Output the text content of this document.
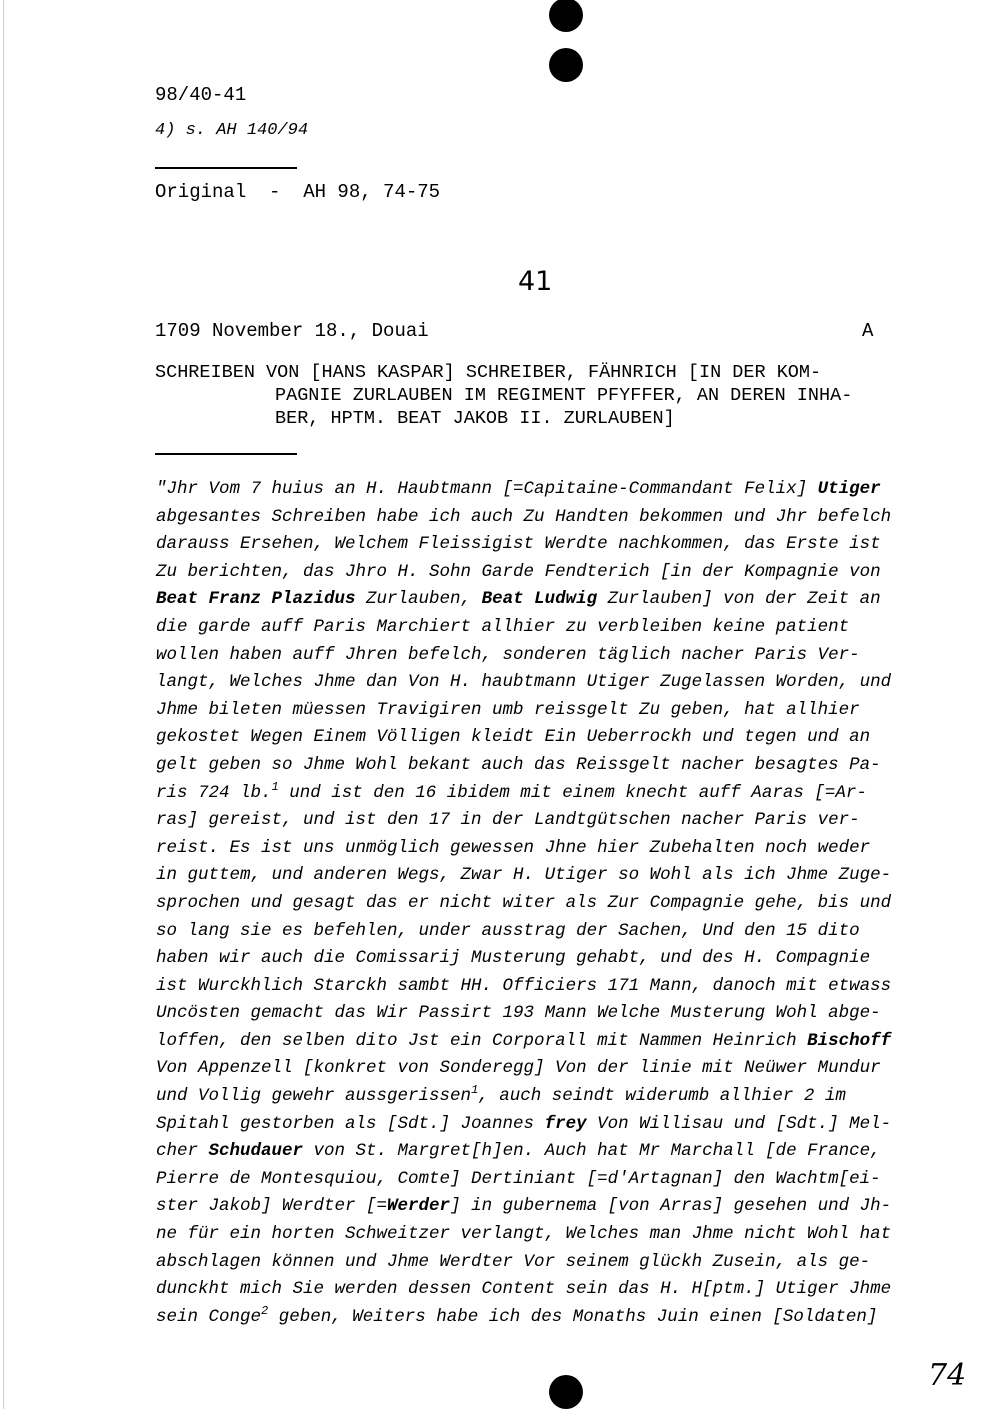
98/40-41
4) s. AH 140/94
Original  -  AH 98, 74-75
41
1709 November 18., Douai	A
SCHREIBEN VON [HANS KASPAR] SCHREIBER, FÄHNRICH [IN DER KOM-
PAGNIE ZURLAUBEN IM REGIMENT PFYFFER, AN DEREN INHA-
BER, HPTM. BEAT JAKOB II. ZURLAUBEN]
"Jhr Vom 7 huius an H. Haubtmann [=Capitaine-Commandant Felix] Utiger
abgesantes Schreiben habe ich auch Zu Handten bekommen und Jhr befelch
darauss Ersehen, Welchem Fleissigist Werdte nachkommen, das Erste ist
Zu berichten, das Jhro H. Sohn Garde Fendterich [in der Kompagnie von
Beat Franz Plazidus Zurlauben, Beat Ludwig Zurlauben] von der Zeit an
die garde auff Paris Marchiert allhier zu verbleiben keine patient
wollen haben auff Jhren befelch, sonderen täglich nacher Paris Ver-
langt, Welches Jhme dan Von H. haubtmann Utiger Zugelassen Worden, und
Jhme bileten müessen Travigiren umb reissgelt Zu geben, hat allhier
gekostet Wegen Einem Völligen kleidt Ein Ueberrockh und tegen und an
gelt geben so Jhme Wohl bekant auch das Reissgelt nacher besagtes Pa-
ris 724 lb.$^1$ und ist den 16 ibidem mit einem knecht auff Aaras [=Ar-
ras] gereist, und ist den 17 in der Landtgütschen nacher Paris ver-
reist. Es ist uns unmöglich gewessen Jhne hier Zubehalten noch weder
in guttem, und anderen Wegs, Zwar H. Utiger so Wohl als ich Jhme Zuge-
sprochen und gesagt das er nicht witer als Zur Compagnie gehe, bis und
so lang sie es befehlen, under ausstrag der Sachen, Und den 15 dito
haben wir auch die Comissarij Musterung gehabt, und des H. Compagnie
ist Wurckhlich Starckh sambt HH. Officiers 171 Mann, danoch mit etwass
Uncösten gemacht das Wir Passirt 193 Mann Welche Musterung Wohl abge-
loffen, den selben dito Jst ein Corporall mit Nammen Heinrich Bischoff
Von Appenzell [konkret von Sonderegg] Von der linie mit Neüwer Mundur
und Vollig gewehr aussgerissen$^1$, auch seindt widerumb allhier 2 im
Spitahl gestorben als [Sdt.] Joannes frey Von Willisau und [Sdt.] Mel-
cher Schudauer von St. Margret[h]en. Auch hat Mr Marchall [de France,
Pierre de Montesquiou, Comte] Dertiniant [=d'Artagnan] den Wachtm[ei-
ster Jakob] Werdter [=Werder] in gubernema [von Arras] gesehen und Jh-
ne für ein horten Schweitzer verlangt, Welches man Jhme nicht Wohl hat
abschlagen können und Jhme Werdter Vor seinem glückh Zusein, als ge-
dunckht mich Sie werden dessen Content sein das H. H[ptm.] Utiger Jhme
sein Conge$^2$ geben, Weiters habe ich des Monaths Juin einen [Soldaten]
74
